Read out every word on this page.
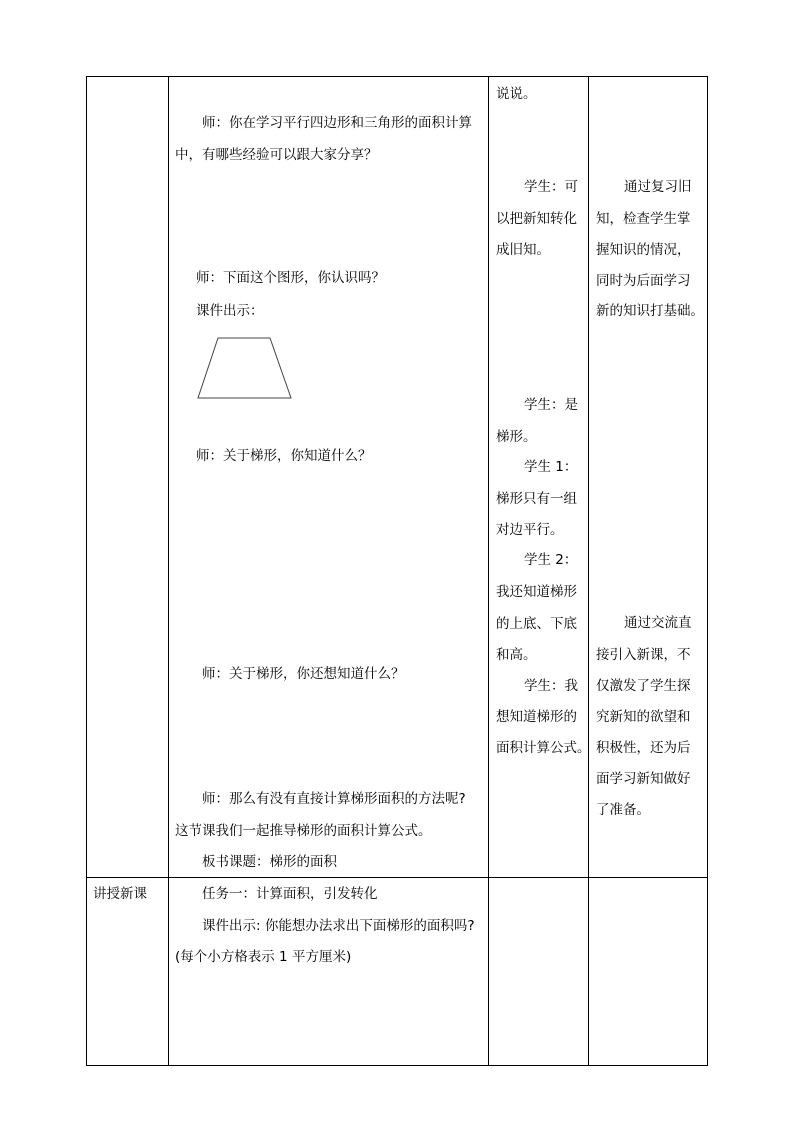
师：你在学习平行四边形和三角形的面积计算
中，有哪些经验可以跟大家分享？
师：下面这个图形，你认识吗？
课件出示：
师：关于梯形，你知道什么？
师：关于梯形，你还想知道什么？
师：那么有没有直接计算梯形面积的方法呢?
这节课我们一起推导梯形的面积计算公式。
板书课题：梯形的面积
说说。
学生：可
以把新知转化
成旧知。
学生：是
梯形。
学生 1：
梯形只有一组
对边平行。
学生 2：
我还知道梯形
的上底、下底
和高。
学生：我
想知道梯形的
面积计算公式。
通过复习旧
知，检查学生掌
握知识的情况，
同时为后面学习
新的知识打基础。
通过交流直
接引入新课，不
仅激发了学生探
究新知的欲望和
积极性，还为后
面学习新知做好
了准备。
讲授新课	任务一：计算面积，引发转化
课件出示: 你能想办法求出下面梯形的面积吗?
(每个小方格表示 1 平方厘米)
